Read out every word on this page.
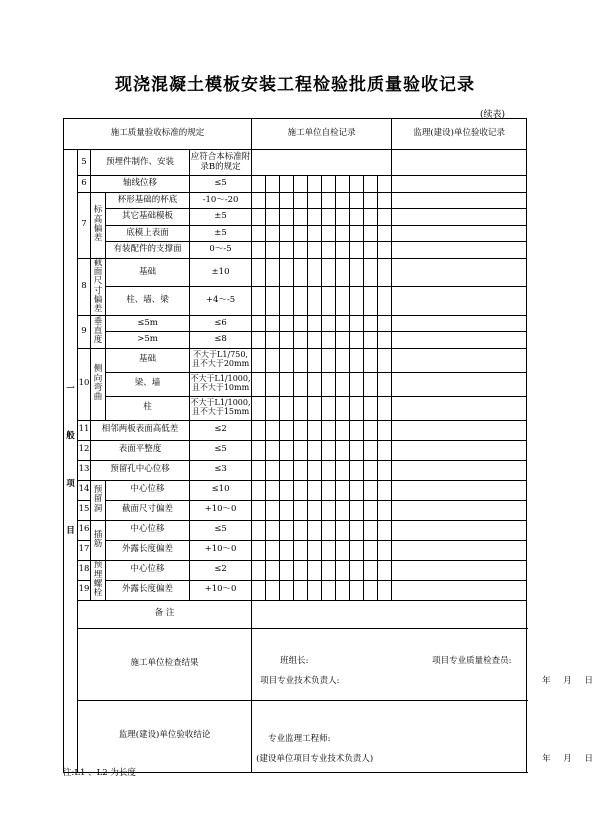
现浇混凝土模板安装工程检验批质量验收记录
(续表)
施工质量验收标准的规定					施工单位自检记录										监理(建设)单位验收记录

一
般
项
目	5	预埋件制作、安装		应符合本标准附录B的规定											
	6	轴线位移		≤5											
	7	标高偏差	杯形基础的杯底	-10〜-20											
			其它基础模板	±5											
			底模上表面	±5											
			有装配件的支撑面	0〜-5											
	8	截面尺寸偏差	基础	±10											
			柱、墙、梁	+4〜-5											
	9	垂直度	≤5m	≤6											
			>5m	≤8											
	10	侧向弯曲	基础	不大于L1/750,且不大于20mm											
			梁、墙	不大于L1/1000,且不大于10mm											
			柱	不大于L1/1000,且不大于15mm											
	11	相邻两板表面高低差		≤2											
	12	表面平整度		≤5											
	13	预留孔中心位移		≤3											
	14	预留洞	中心位移	≤10											
	15		截面尺寸偏差	+10〜0											
	16	插筋	中心位移	≤5											
	17		外露长度偏差	+10〜0											
	18	预埋螺栓	中心位移	≤2											
	19		外露长度偏差	+10〜0											
	备 注														
	施工单位检查结果				班组长: 项目专业质量检查员:
项目专业技术负责人: 年 月 日										

	监理(建设)单位验收结论				专业监理工程师:
(建设单位项目专业技术负责人) 年 月 日										
注:L1 、L2 为长度
